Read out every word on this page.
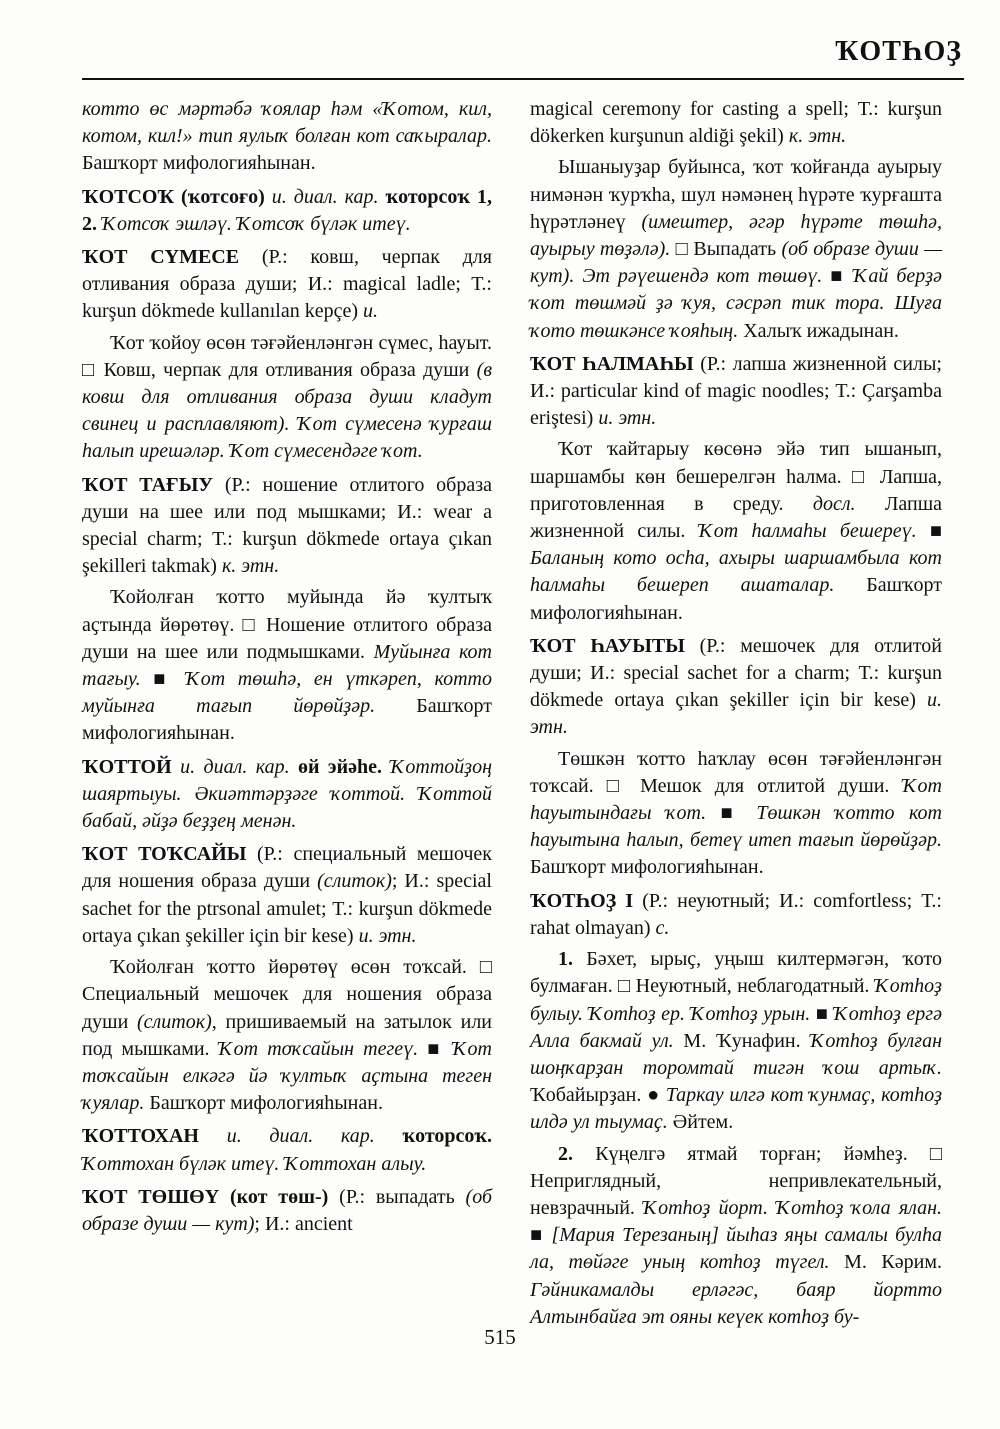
ҠОТҺОҘ

котто өс мәртәбә ҡоялар һәм «Ҡотом, кил, котом, кил!» тип яулыҡ болған кот саҡыралар. Башҡорт мифологияһынан.

ҠОТСОҠ (ҡотсоғо) и. диал. кар. ҡоторсоҡ 1, 2. Ҡотсоҡ эшләү. Ҡотсоҡ бүләк итеү.

ҠОТ СҮМЕСЕ (Р.: ковш, черпак для отливания образа души; И.: magical ladle; Т.: kurşun dökmede kullanılan kepçe) и.

Ҡот ҡойоу өсөн тәғәйенләнгән сүмес, һауыт. □ Ковш, черпак для отливания образа души (в ковш для отливания образа души кладут свинец и расплавляют). Ҡот сүмесенә ҡурғаш һалып ирешәләр. Ҡот сүмесендәге ҡот.

ҠОТ ТАҒЫУ (Р.: ношение отлитого образа души на шее или под мышками; И.: wear a special charm; Т.: kurşun dökmede ortaya çıkan şekilleri takmak) к. этн.

Ҡойолған ҡотто муйында йә ҡултыҡ аҫтында йөрөтөү. □ Ношение отлитого образа души на шее или подмышками. Муйынға кот тағыу. ■ Ҡот төшһә, ен үткәреп, котто муйынға тағып йөрөйҙәр. Башҡорт мифологияһынан.

ҠОТТОЙ и. диал. кар. өй эйәһе. Ҡоттойҙоң шаяртыуы. Әкиәттәрҙәге ҡоттой. Ҡоттой бабай, әйҙә беҙҙең менән.

ҠОТ ТОҠСАЙЫ (Р.: специальный мешочек для ношения образа души (слиток); И.: special sachet for the ptrsonal amulet; Т.: kurşun dökmede ortaya çıkan şekiller için bir kese) и. этн.

Ҡойолған ҡотто йөрөтөү өсөн тоҡсай. □ Специальный мешочек для ношения образа души (слиток), пришиваемый на затылок или под мышками. Ҡот тоҡсайын тегеү. ■ Ҡот тоҡсайын елкәгә йә ҡултыҡ аҫтына теген ҡуялар. Башҡорт мифологияһынан.

ҠОТТОХАН и. диал. кар. ҡоторсоҡ. Ҡоттохан бүләк итеү. Ҡоттохан алыу.

ҠОТ ТӨШӨҮ (кот төш-) (Р.: выпадать (об образе души — кут); И.: ancient

magical ceremony for casting a spell; Т.: kurşun dökerken kurşunun aldiği şekil) к. этн.

Ышаныуҙар буйынса, ҡот ҡойғанда ауырыу нимәнән ҡурҡһа, шул нәмәнең һүрәте ҡурғашта һүрәтләнеү (имештер, әгәр һүрәте төшһә, ауырыу төҙәлә). □ Выпадать (об образе души — кут). Эт рәүешендә кот төшөү. ■ Ҡай берҙә ҡот төшмәй ҙә ҡуя, сәсрәп тик тора. Шуға ҡото төшкәнсе ҡояһың. Халыҡ ижадынан.

ҠОТ ҺАЛМАҺЫ (Р.: лапша жизненной силы; И.: particular kind of magic noodles; Т.: Çarşamba eriştesi) и. этн.

Ҡот ҡайтарыу көсөнә эйә тип ышанып, шаршамбы көн бешерелгән һалма. □ Лапша, приготовленная в среду. досл. Лапша жизненной силы. Ҡот һалмаһы бешереү. ■ Баланың кото осһа, ахыры шаршамбыла кот һалмаһы бешереп ашаталар. Башҡорт мифологияһынан.

ҠОТ ҺАУЫТЫ (Р.: мешочек для отлитой души; И.: special sachet for a charm; Т.: kurşun dökmede ortaya çıkan şekiller için bir kese) и. этн.

Төшкән ҡотто һаҡлау өсөн тәғәйенләнгән тоҡсай. □ Мешок для отлитой души. Ҡот һауытындағы ҡот. ■ Төшкән ҡотто кот һауытына һалып, бетеү итеп тағып йөрөйҙәр. Башҡорт мифологияһынан.

ҠОТҺОҘ I (Р.: неуютный; И.: comfortless; Т.: rahat olmayan) с.

1. Бәхет, ырыҫ, уңыш килтермәгән, ҡото булмаған. □ Неуютный, неблагодатный. Ҡотһоҙ булыу. Ҡотһоҙ ер. Ҡотһоҙ урын. ■ Ҡотһоҙ ергә Алла бакмай ул. М. Ҡунафин. Ҡотһоҙ булған шоңҡарҙан торомтай тигән ҡош артыҡ. Ҡобайырҙан. ● Таркау илгә кот ҡунмаҫ, котһоҙ илдә ул тыумаҫ. Әйтем.

2. Күңелгә ятмай торған; йәмһеҙ. □ Неприглядный, непривлекательный, невзрачный. Ҡотһоҙ йорт. Ҡотһоҙ ҡола ялан. ■ [Мария Терезаның] йыһаз яңы самалы булһа ла, төйәге уның котһоҙ түгел. М. Кәрим. Гәйникамалды ерләгәс, баяр йортто Алтынбайға эт ояны кеүек котһоҙ бу-

515
